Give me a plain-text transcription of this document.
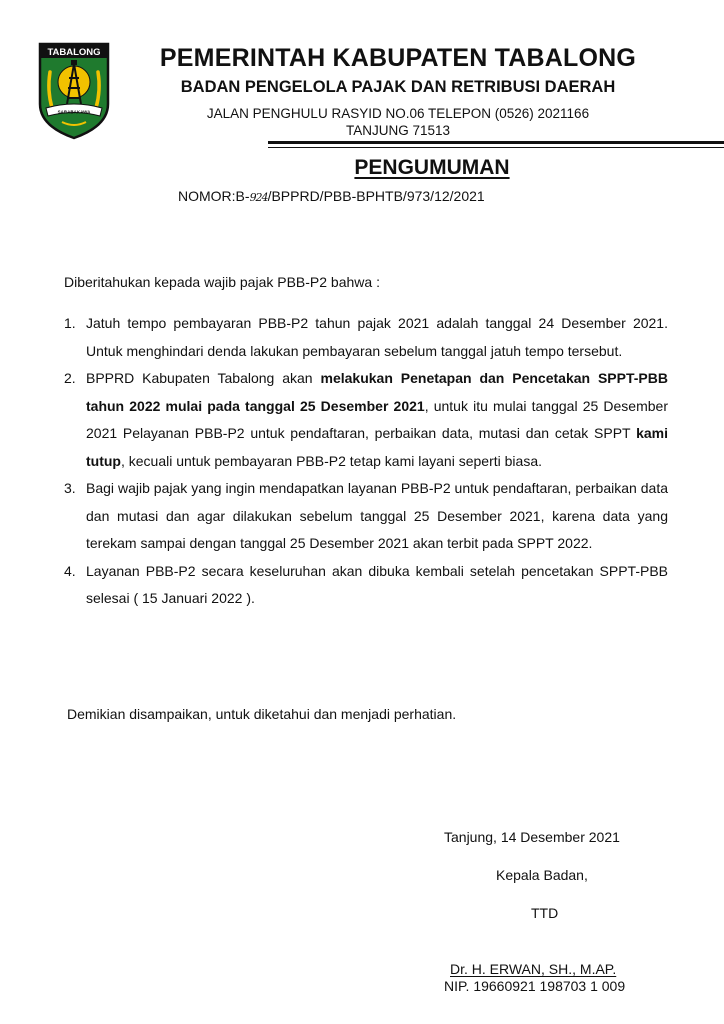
TABALONG
SARABAKAWA
PEMERINTAH KABUPATEN TABALONG
BADAN PENGELOLA PAJAK DAN RETRIBUSI DAERAH
JALAN PENGHULU RASYID NO.06 TELEPON (0526) 2021166
TANJUNG 71513
PENGUMUMAN
NOMOR:B-924/BPPRD/PBB-BPHTB/973/12/2021
Diberitahukan kepada wajib pajak PBB-P2 bahwa :
1. Jatuh tempo pembayaran PBB-P2 tahun pajak 2021 adalah tanggal 24 Desember 2021. Untuk menghindari denda lakukan pembayaran sebelum tanggal jatuh tempo tersebut.
2. BPPRD Kabupaten Tabalong akan melakukan Penetapan dan Pencetakan SPPT-PBB tahun 2022 mulai pada tanggal 25 Desember 2021, untuk itu mulai tanggal 25 Desember 2021 Pelayanan PBB-P2 untuk pendaftaran, perbaikan data, mutasi dan cetak SPPT kami tutup, kecuali untuk pembayaran PBB-P2 tetap kami layani seperti biasa.
3. Bagi wajib pajak yang ingin mendapatkan layanan PBB-P2 untuk pendaftaran, perbaikan data dan mutasi dan agar dilakukan sebelum tanggal 25 Desember 2021, karena data yang terekam sampai dengan tanggal 25 Desember 2021 akan terbit pada SPPT 2022.
4. Layanan PBB-P2 secara keseluruhan akan dibuka kembali setelah pencetakan SPPT-PBB selesai ( 15 Januari 2022 ).
Demikian disampaikan, untuk diketahui dan menjadi perhatian.
Tanjung, 14 Desember 2021
Kepala Badan,
TTD
Dr. H. ERWAN, SH., M.AP.
NIP. 19660921 198703 1 009
